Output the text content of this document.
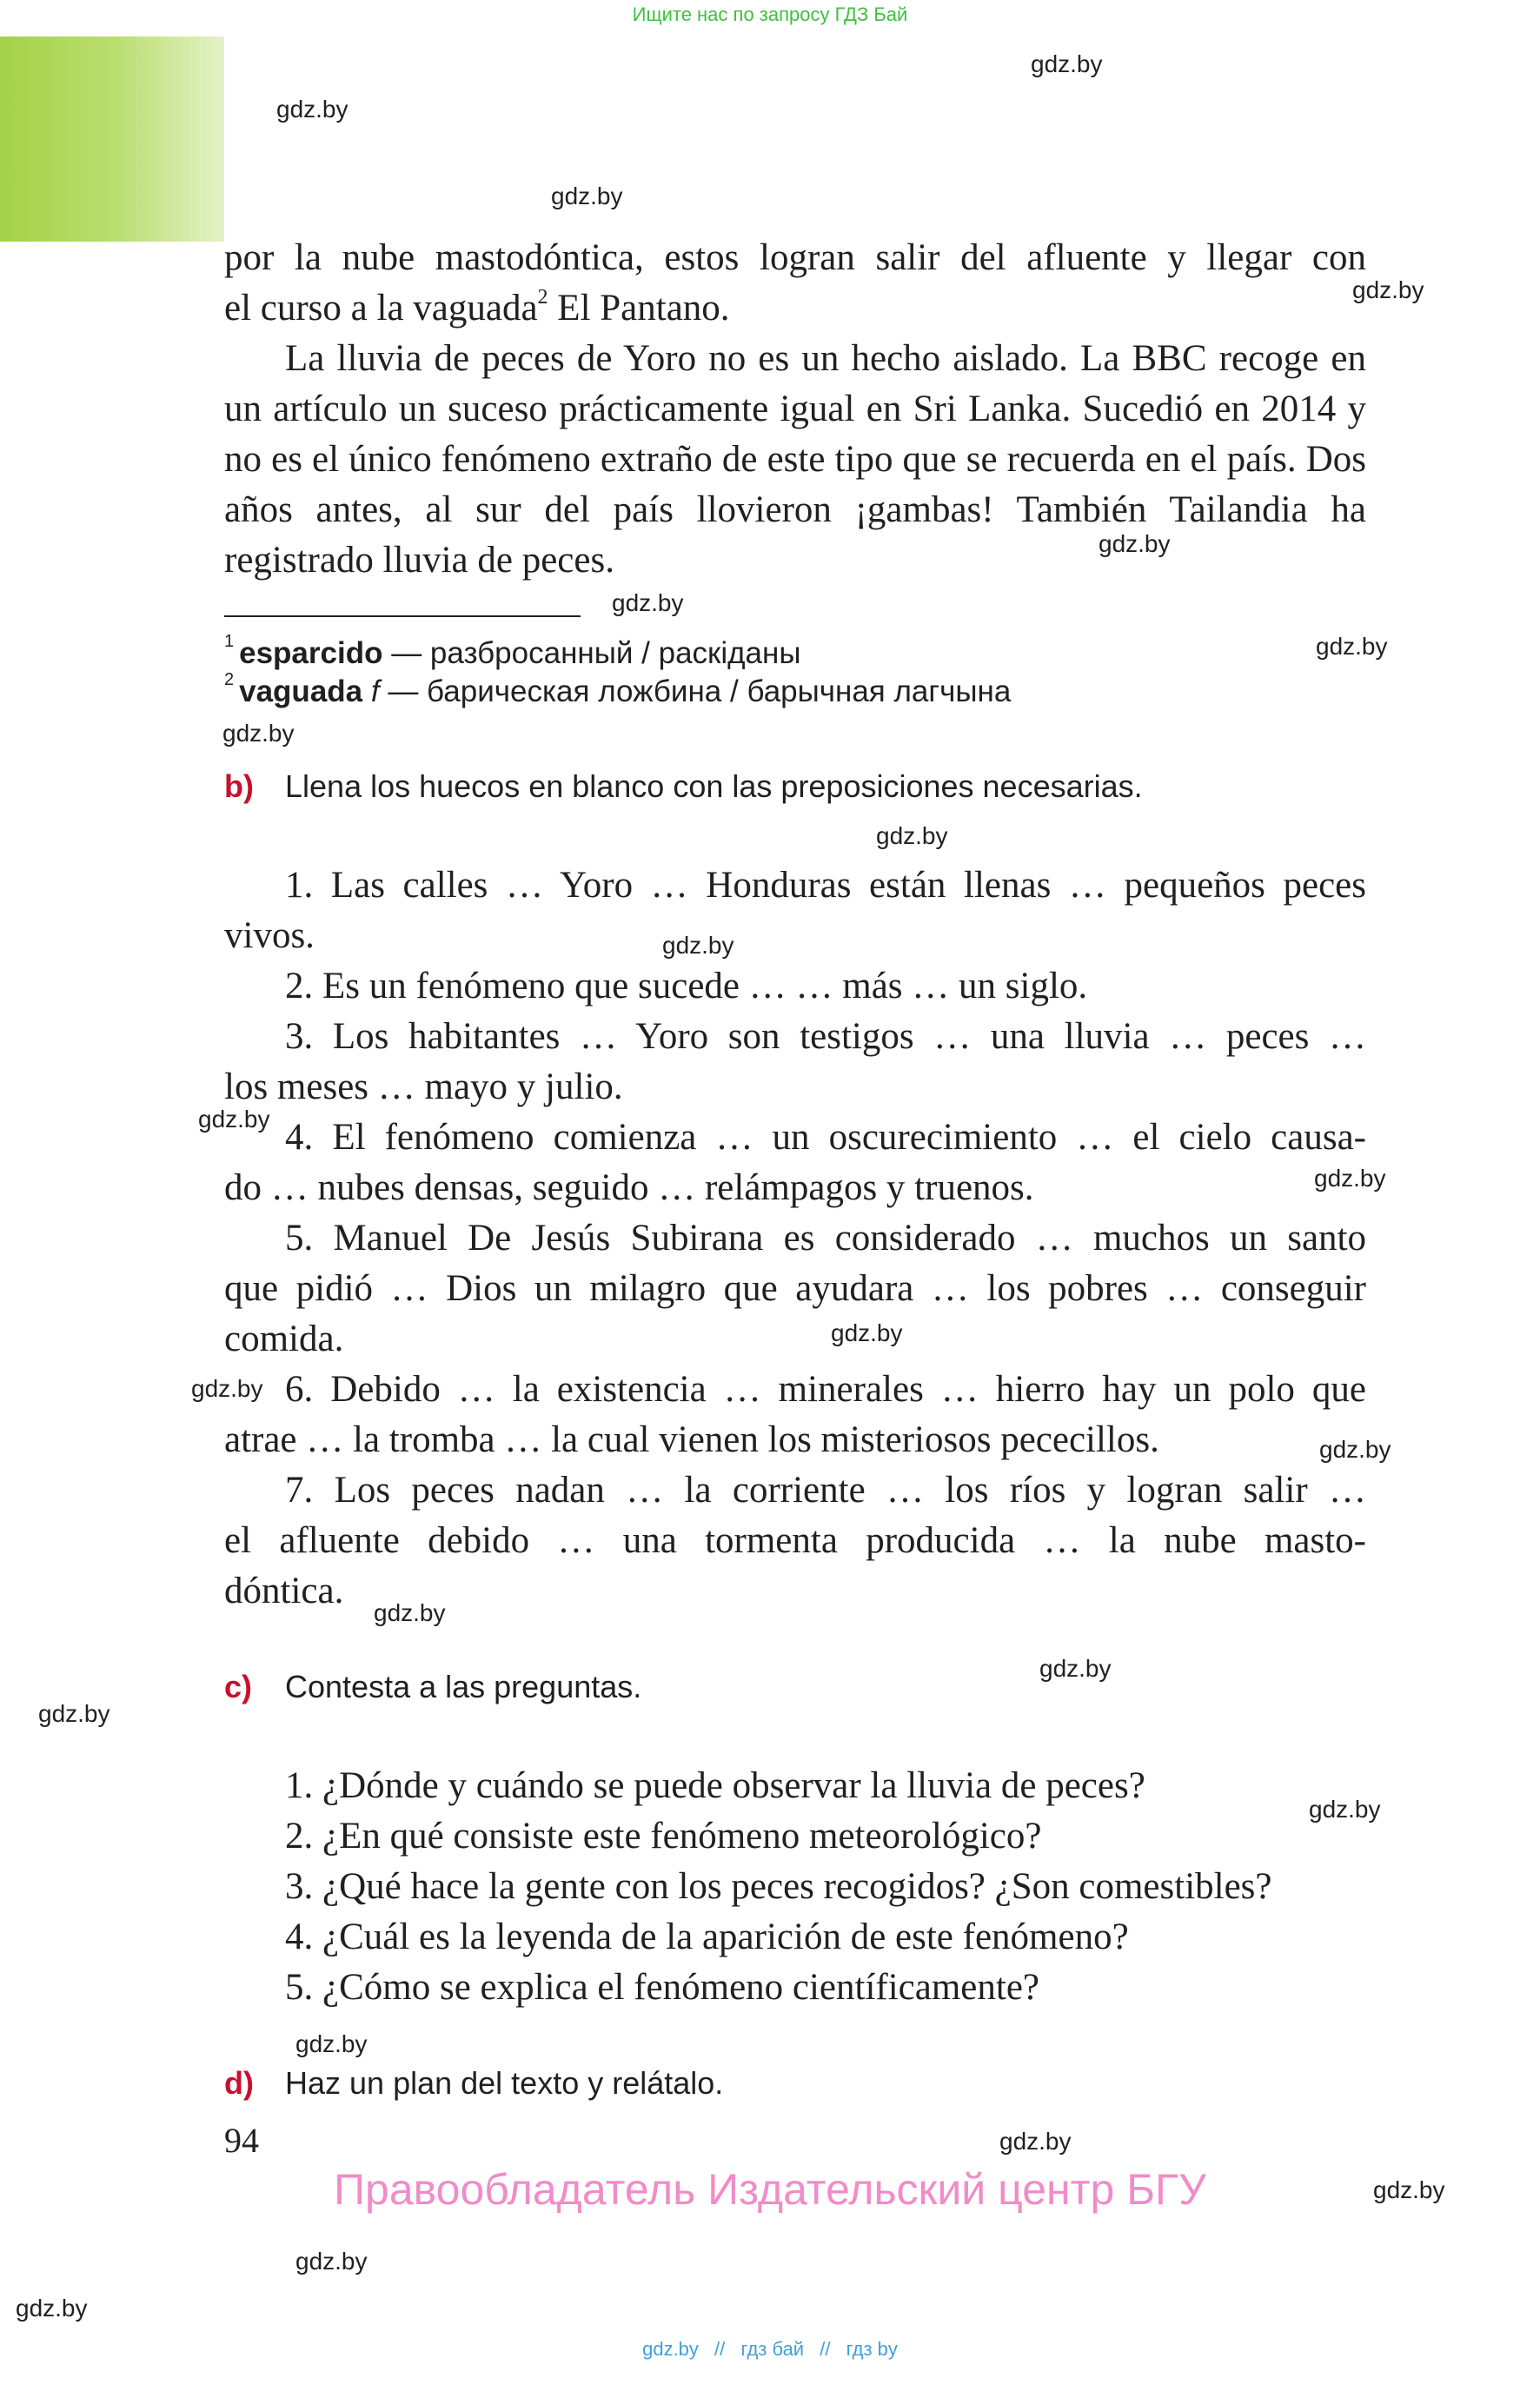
Ищите нас по запросу ГДЗ Бай
gdz.by
gdz.by
gdz.by
gdz.by
gdz.by
gdz.by
gdz.by
gdz.by
gdz.by
gdz.by
gdz.by
gdz.by
gdz.by
gdz.by
gdz.by
gdz.by
gdz.by
gdz.by
gdz.by
gdz.by
gdz.by
gdz.by
gdz.by
gdz.by
por la nube mastodóntica, estos logran salir del afluente y llegar con
el curso a la vaguada$^2$ El Pantano.
La lluvia de peces de Yoro no es un hecho aislado. La BBC recoge en un artículo un suceso prácticamente igual en Sri Lanka. Sucedió en 2014 y no es el único fenómeno extraño de este tipo que se recuerda en el país. Dos años antes, al sur del país llovieron ¡gambas! También Tailandia ha registrado lluvia de peces.
$^1$ esparcido — разбросанный / раскіданы
$^2$ vaguada f — барическая ложбина / барычная лагчына
b) Llena los huecos en blanco con las preposiciones necesarias.
1. Las calles … Yoro … Honduras están llenas … pequeños peces
vivos.
2. Es un fenómeno que sucede … … más … un siglo.
3. Los habitantes … Yoro son testigos … una lluvia … peces …
los meses … mayo y julio.
4. El fenómeno comienza … un oscurecimiento … el cielo causa-
do … nubes densas, seguido … relámpagos y truenos.
5. Manuel De Jesús Subirana es considerado … muchos un santo
que pidió … Dios un milagro que ayudara … los pobres … conseguir
comida.
6. Debido … la existencia … minerales … hierro hay un polo que
atrae … la tromba … la cual vienen los misteriosos pececillos.
7. Los peces nadan … la corriente … los ríos y logran salir …
el afluente debido … una tormenta producida … la nube masto-
dóntica.
c) Contesta a las preguntas.
1. ¿Dónde y cuándo se puede observar la lluvia de peces?
2. ¿En qué consiste este fenómeno meteorológico?
3. ¿Qué hace la gente con los peces recogidos? ¿Son comestibles?
4. ¿Cuál es la leyenda de la aparición de este fenómeno?
5. ¿Cómo se explica el fenómeno científicamente?
d) Haz un plan del texto y relátalo.
94
Правообладатель Издательский центр БГУ
gdz.by // гдз бай // гдз by
